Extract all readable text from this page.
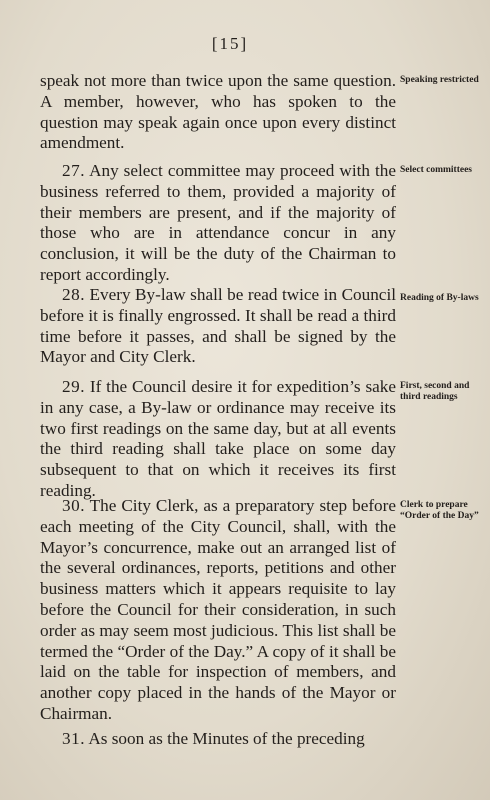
[15]

speak not more than twice upon the same question. A member, however, who has spoken to the question may speak again once upon every distinct amendment.

27. Any select committee may proceed with the business referred to them, provided a majority of their members are present, and if the majority of those who are in attendance concur in any conclusion, it will be the duty of the Chairman to report accordingly.

28. Every By-law shall be read twice in Council before it is finally engrossed. It shall be read a third time before it passes, and shall be signed by the Mayor and City Clerk.

29. If the Council desire it for expedition’s sake in any case, a By-law or ordinance may receive its two first readings on the same day, but at all events the third reading shall take place on some day subsequent to that on which it receives its first reading.

30. The City Clerk, as a preparatory step before each meeting of the City Council, shall, with the Mayor’s concurrence, make out an arranged list of the several ordinances, reports, petitions and other business matters which it appears requisite to lay before the Council for their consideration, in such order as may seem most judicious. This list shall be termed the “Order of the Day.” A copy of it shall be laid on the table for inspection of members, and another copy placed in the hands of the Mayor or Chairman.

31. As soon as the Minutes of the preceding

Speaking restricted
Select committees
Reading of By-laws
First, second and third readings
Clerk to prepare “Order of the Day”
